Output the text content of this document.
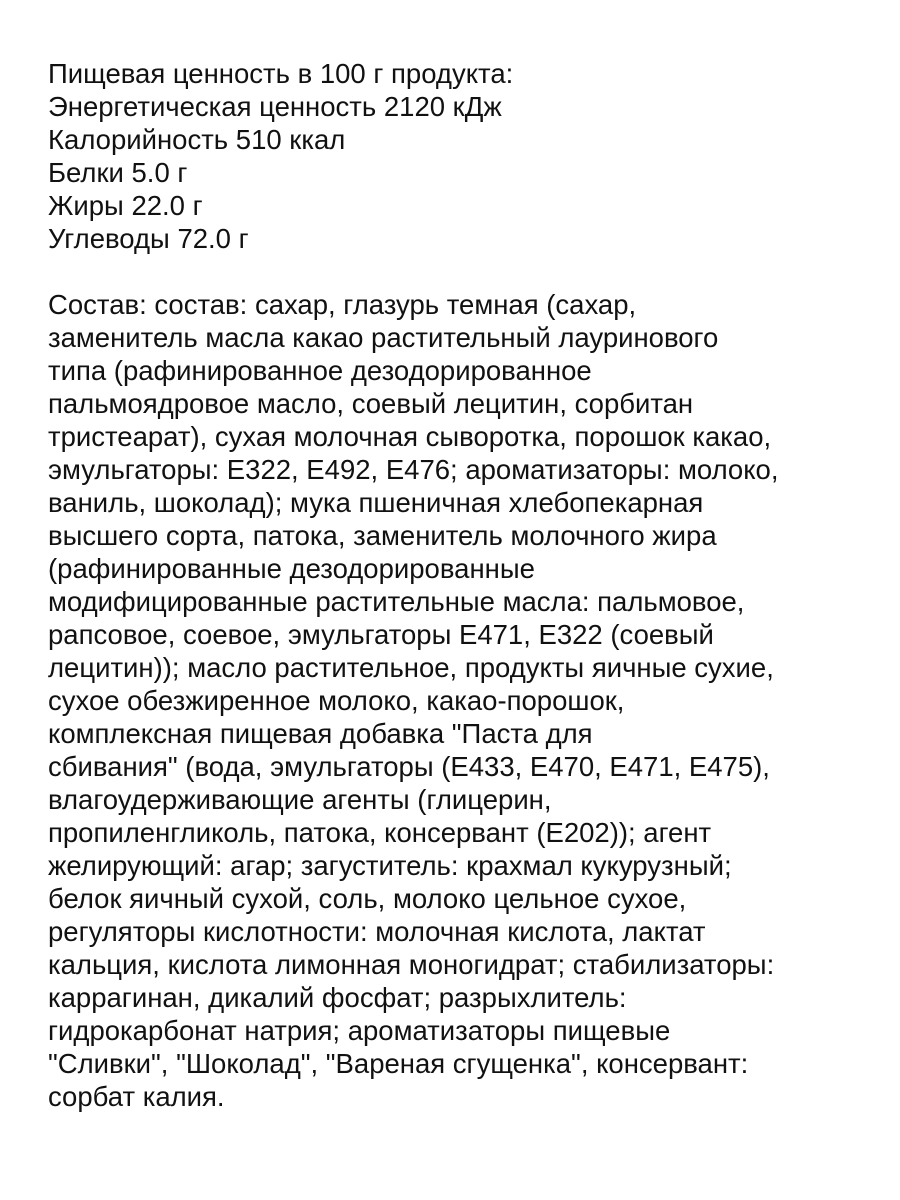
Пищевая ценность в 100 г продукта:
Энергетическая ценность 2120 кДж
Калорийность 510 ккал
Белки 5.0 г
Жиры 22.0 г
Углеводы 72.0 г
Состав: состав: сахар, глазурь темная (сахар,
заменитель масла какао растительный лауринового
типа (рафинированное дезодорированное
пальмоядровое масло, соевый лецитин, сорбитан
тристеарат), сухая молочная сыворотка, порошок какао,
эмульгаторы: Е322, Е492, Е476; ароматизаторы: молоко,
ваниль, шоколад); мука пшеничная хлебопекарная
высшего сорта, патока, заменитель молочного жира
(рафинированные дезодорированные
модифицированные растительные масла: пальмовое,
рапсовое, соевое, эмульгаторы Е471, Е322 (соевый
лецитин)); масло растительное, продукты яичные сухие,
сухое обезжиренное молоко, какао-порошок,
комплексная пищевая добавка "Паста для
сбивания" (вода, эмульгаторы (Е433, Е470, Е471, Е475),
влагоудерживающие агенты (глицерин,
пропиленгликоль, патока, консервант (Е202)); агент
желирующий: агар; загуститель: крахмал кукурузный;
белок яичный сухой, соль, молоко цельное сухое,
регуляторы кислотности: молочная кислота, лактат
кальция, кислота лимонная моногидрат; стабилизаторы:
каррагинан, дикалий фосфат; разрыхлитель:
гидрокарбонат натрия; ароматизаторы пищевые
"Сливки", "Шоколад", "Вареная сгущенка", консервант:
сорбат калия.
